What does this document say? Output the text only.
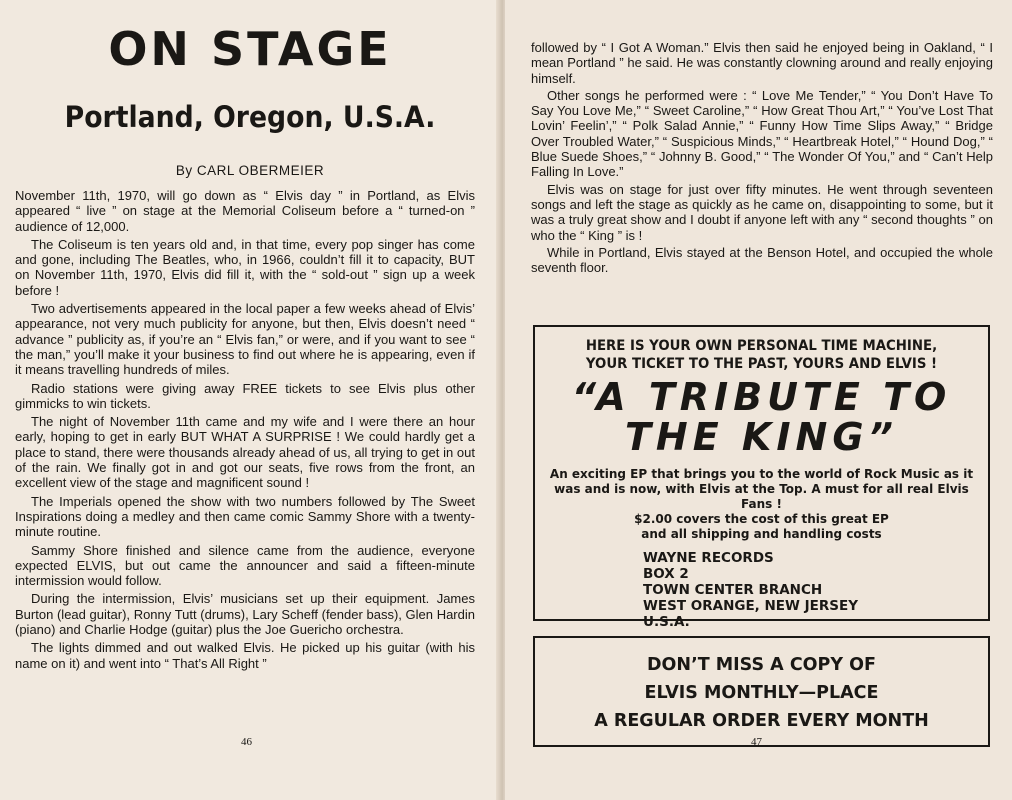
ON STAGE
Portland, Oregon, U.S.A.
By CARL OBERMEIER

November 11th, 1970, will go down as “ Elvis day ” in Portland, as Elvis appeared “ live ” on stage at the Memorial Coliseum before a “ turned-on ” audience of 12,000.

The Coliseum is ten years old and, in that time, every pop singer has come and gone, including The Beatles, who, in 1966, couldn’t fill it to capacity, BUT on November 11th, 1970, Elvis did fill it, with the “ sold-out ” sign up a week before !

Two advertisements appeared in the local paper a few weeks ahead of Elvis’ appearance, not very much publicity for anyone, but then, Elvis doesn’t need “ advance ” publicity as, if you’re an “ Elvis fan,” or were, and if you want to see “ the man,” you’ll make it your business to find out where he is appearing, even if it means travelling hundreds of miles.

Radio stations were giving away FREE tickets to see Elvis plus other gimmicks to win tickets.

The night of November 11th came and my wife and I were there an hour early, hoping to get in early BUT WHAT A SURPRISE ! We could hardly get a place to stand, there were thousands already ahead of us, all trying to get in out of the rain. We finally got in and got our seats, five rows from the front, an excellent view of the stage and magnificent sound !

The Imperials opened the show with two numbers followed by The Sweet Inspirations doing a medley and then came comic Sammy Shore with a twenty-minute routine.

Sammy Shore finished and silence came from the audience, everyone expected ELVIS, but out came the announcer and said a fifteen-minute intermission would follow.

During the intermission, Elvis’ musicians set up their equipment. James Burton (lead guitar), Ronny Tutt (drums), Lary Scheff (fender bass), Glen Hardin (piano) and Charlie Hodge (guitar) plus the Joe Guericho orchestra.

The lights dimmed and out walked Elvis. He picked up his guitar (with his name on it) and went into “ That’s All Right ”

46

followed by “ I Got A Woman.” Elvis then said he enjoyed being in Oakland, “ I mean Portland ” he said. He was constantly clowning around and really enjoying himself.

Other songs he performed were : “ Love Me Tender,” “ You Don’t Have To Say You Love Me,” “ Sweet Caroline,” “ How Great Thou Art,” “ You’ve Lost That Lovin’ Feelin’,” “ Polk Salad Annie,” “ Funny How Time Slips Away,” “ Bridge Over Troubled Water,” “ Suspicious Minds,” “ Heartbreak Hotel,” “ Hound Dog,” “ Blue Suede Shoes,” “ Johnny B. Good,” “ The Wonder Of You,” and “ Can’t Help Falling In Love.”

Elvis was on stage for just over fifty minutes. He went through seventeen songs and left the stage as quickly as he came on, disappointing to some, but it was a truly great show and I doubt if anyone left with any “ second thoughts ” on who the “ King ” is !

While in Portland, Elvis stayed at the Benson Hotel, and occupied the whole seventh floor.

HERE IS YOUR OWN PERSONAL TIME MACHINE,
YOUR TICKET TO THE PAST, YOURS AND ELVIS !
“A TRIBUTE TO
THE KING”
An exciting EP that brings you to the world of Rock Music as it was and is now, with Elvis at the Top. A must for all real Elvis Fans !
$2.00 covers the cost of this great EP
and all shipping and handling costs
WAYNE RECORDS
BOX 2
TOWN CENTER BRANCH
WEST ORANGE, NEW JERSEY
U.S.A.
DON’T MISS A COPY OF
ELVIS MONTHLY—PLACE
A REGULAR ORDER EVERY MONTH
47
